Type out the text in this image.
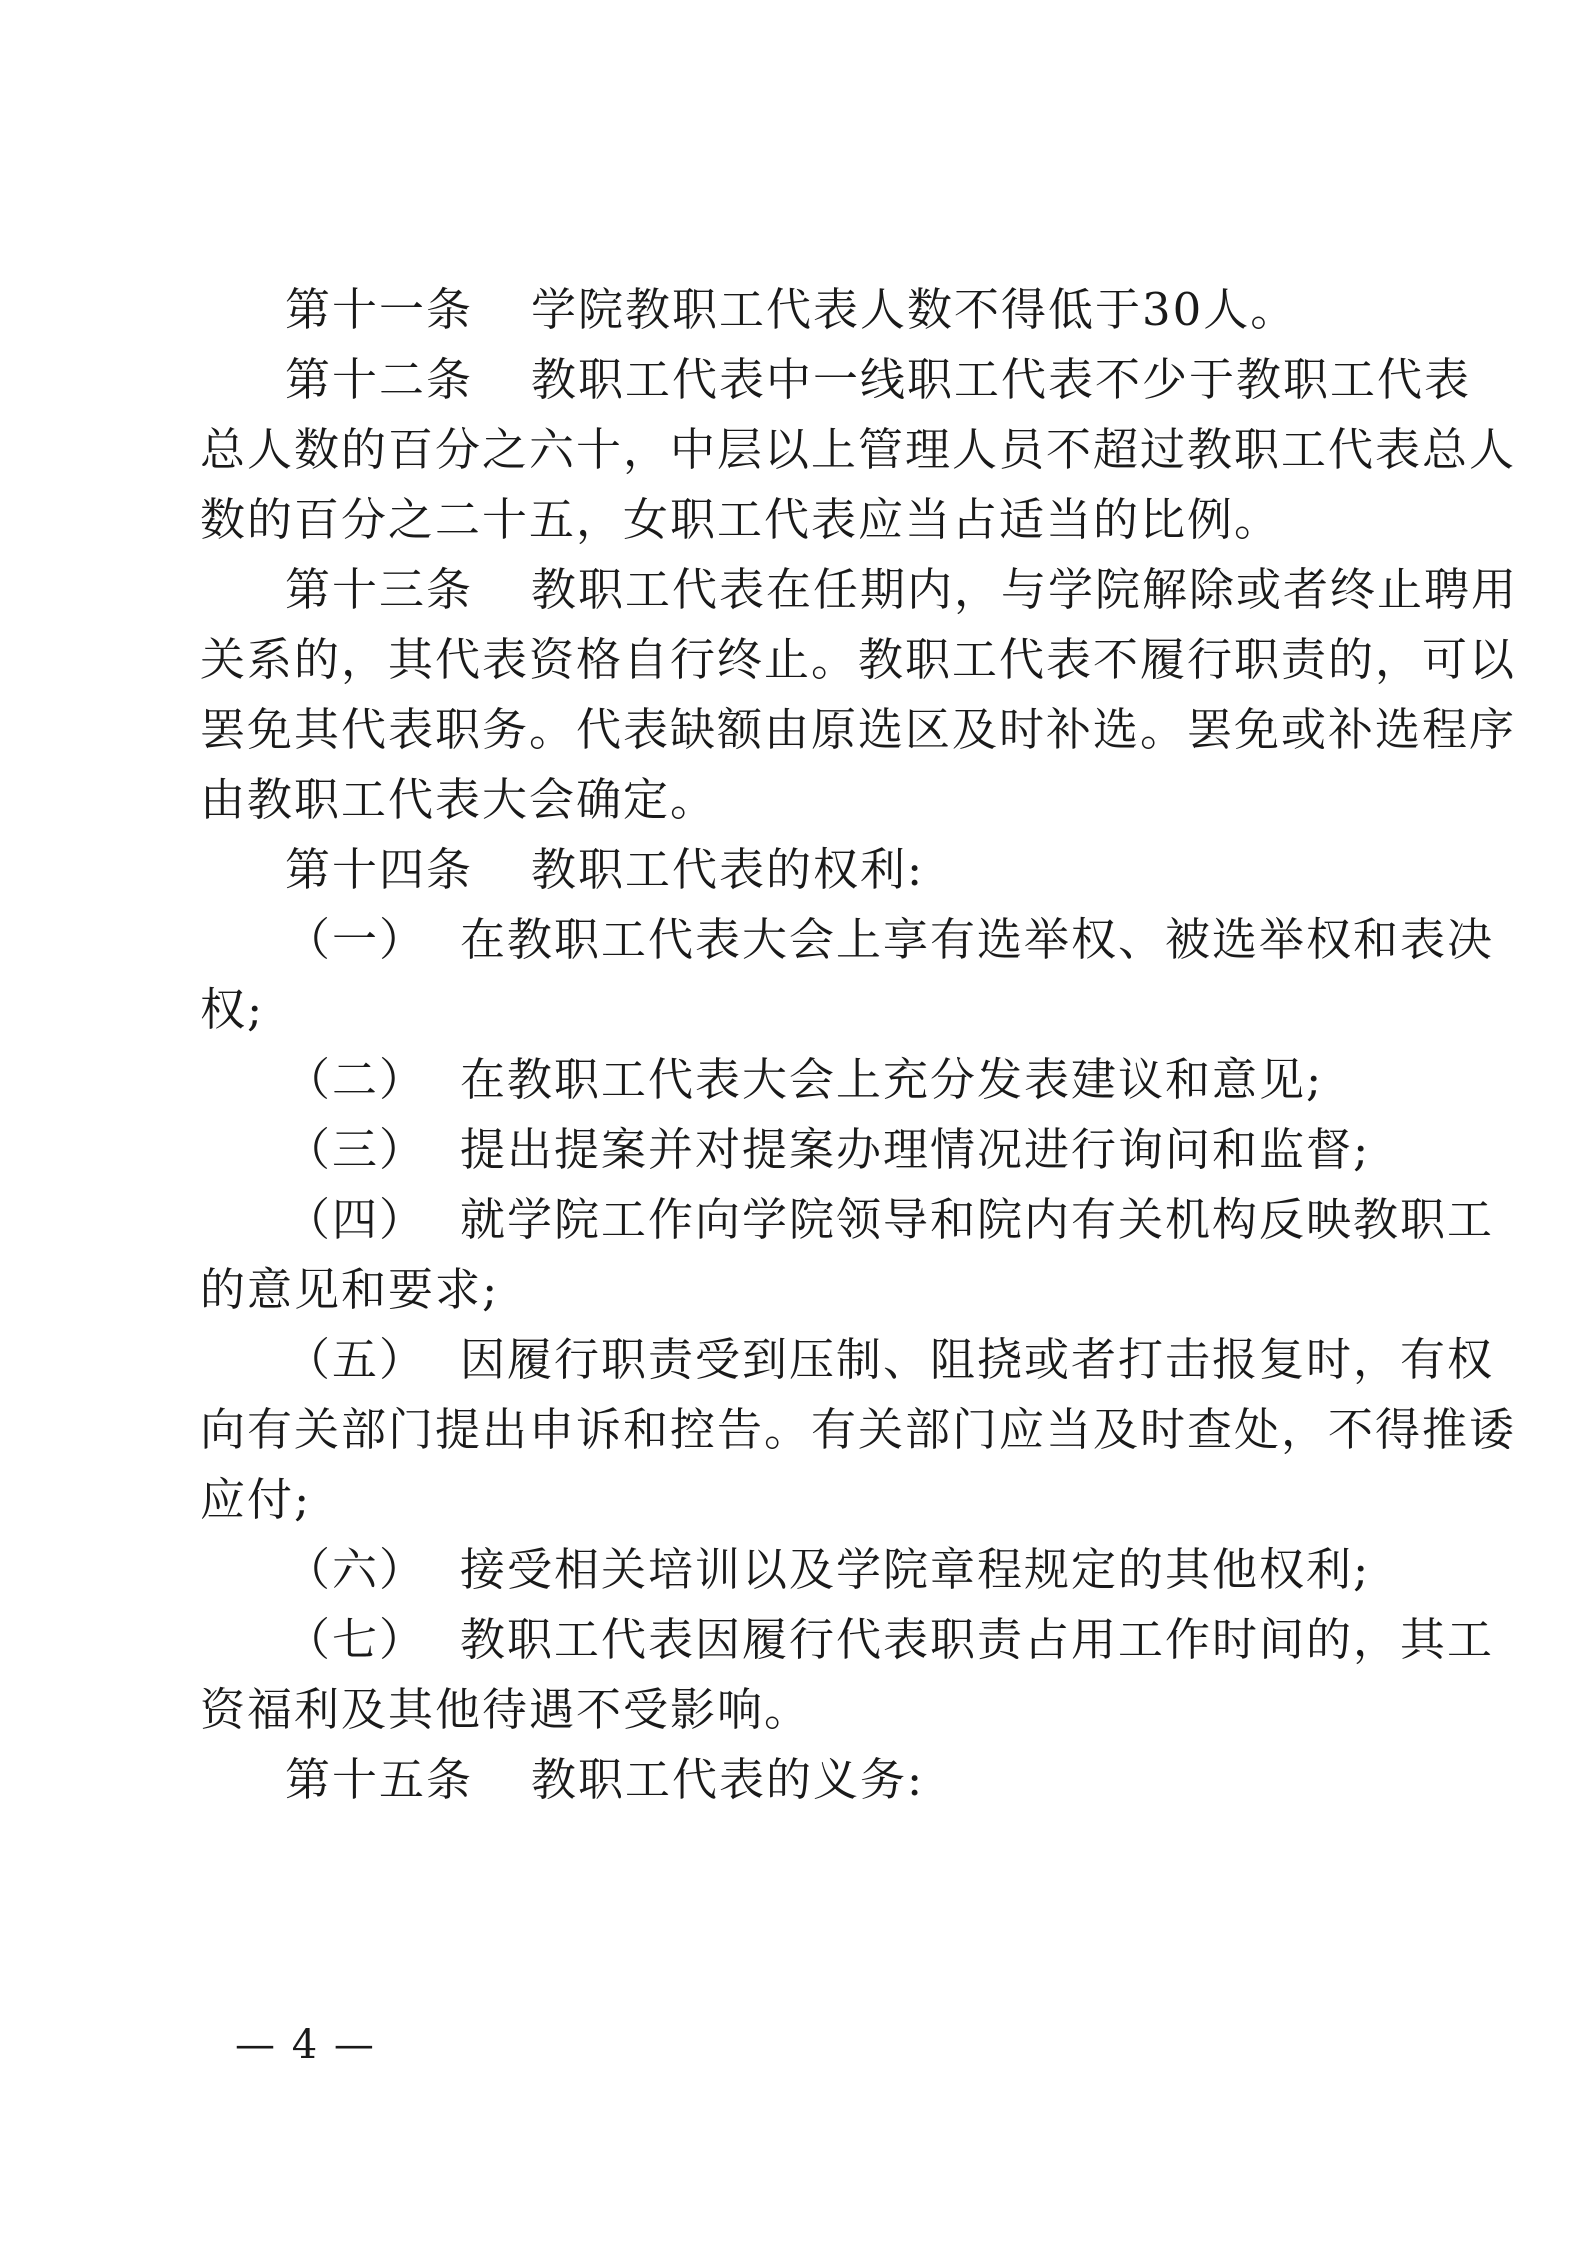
第十一条 学院教职工代表人数不得低于30人。
第十二条 教职工代表中一线职工代表不少于教职工代表
总人数的百分之六十，中层以上管理人员不超过教职工代表总人
数的百分之二十五，女职工代表应当占适当的比例。
第十三条 教职工代表在任期内，与学院解除或者终止聘用
关系的，其代表资格自行终止。教职工代表不履行职责的，可以
罢免其代表职务。代表缺额由原选区及时补选。罢免或补选程序
由教职工代表大会确定。
第十四条 教职工代表的权利:
（一） 在教职工代表大会上享有选举权、被选举权和表决
权;
（二） 在教职工代表大会上充分发表建议和意见;
（三） 提出提案并对提案办理情况进行询问和监督;
（四） 就学院工作向学院领导和院内有关机构反映教职工
的意见和要求;
（五） 因履行职责受到压制、阻挠或者打击报复时，有权
向有关部门提出申诉和控告。有关部门应当及时查处，不得推诿
应付;
（六） 接受相关培训以及学院章程规定的其他权利;
（七） 教职工代表因履行代表职责占用工作时间的，其工
资福利及其他待遇不受影响。
第十五条 教职工代表的义务:
— 4 —
